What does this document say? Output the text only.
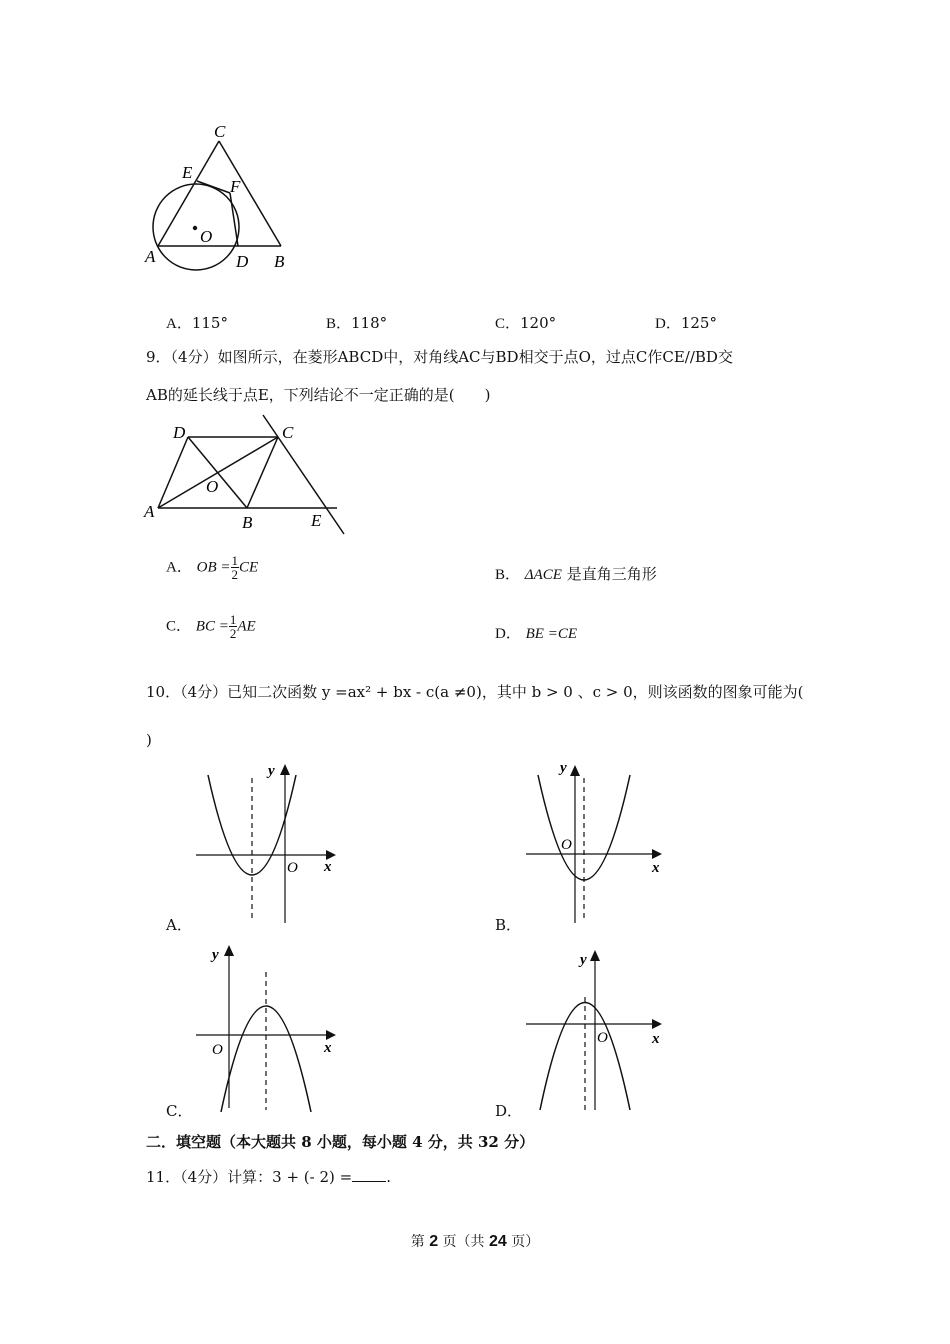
C
E
F
O
A	D B
A．115°	B．118°	C．120°	D．125°
9．（4分）如图所示，在菱形ABCD中，对角线AC与BD相交于点O，过点C作CE//BD交
AB的延长线于点E，下列结论不一定正确的是(　　)
D	C
O
A
B	E
A． OB = $\frac{1}{2}$ CE	B． ΔACE 是直角三角形
C． BC = $\frac{1}{2}$ AE	D． BE =CE
10．（4分）已知二次函数 y =ax² + bx - c(a ≠0)，其中 b > 0 、c > 0，则该函数的图象可能为(
)
y
x
O
A．
y
x
O
B．
y
x
O
C．
y
x
O
D．
二．填空题（本大题共 8 小题，每小题 4 分，共 32 分）
11．（4分）计算：3 + (- 2) = .
第 2 页（共 24 页）
